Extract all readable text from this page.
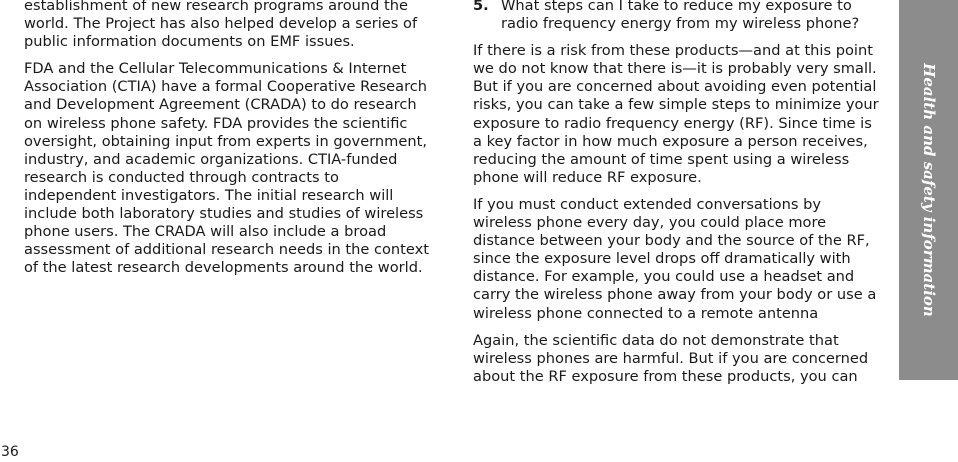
establishment of new research programs around the world. The Project has also helped develop a series of public information documents on EMF issues.

FDA and the Cellular Telecommunications & Internet Association (CTIA) have a formal Cooperative Research and Development Agreement (CRADA) to do research on wireless phone safety. FDA provides the scientific oversight, obtaining input from experts in government, industry, and academic organizations. CTIA-funded research is conducted through contracts to independent investigators. The initial research will include both laboratory studies and studies of wireless phone users. The CRADA will also include a broad assessment of additional research needs in the context of the latest research developments around the world.

5. What steps can I take to reduce my exposure to radio frequency energy from my wireless phone?

If there is a risk from these products—and at this point we do not know that there is—it is probably very small. But if you are concerned about avoiding even potential risks, you can take a few simple steps to minimize your exposure to radio frequency energy (RF). Since time is a key factor in how much exposure a person receives, reducing the amount of time spent using a wireless phone will reduce RF exposure.

If you must conduct extended conversations by wireless phone every day, you could place more distance between your body and the source of the RF, since the exposure level drops off dramatically with distance. For example, you could use a headset and carry the wireless phone away from your body or use a wireless phone connected to a remote antenna

Again, the scientific data do not demonstrate that wireless phones are harmful. But if you are concerned about the RF exposure from these products, you can

Health and safety information
36
